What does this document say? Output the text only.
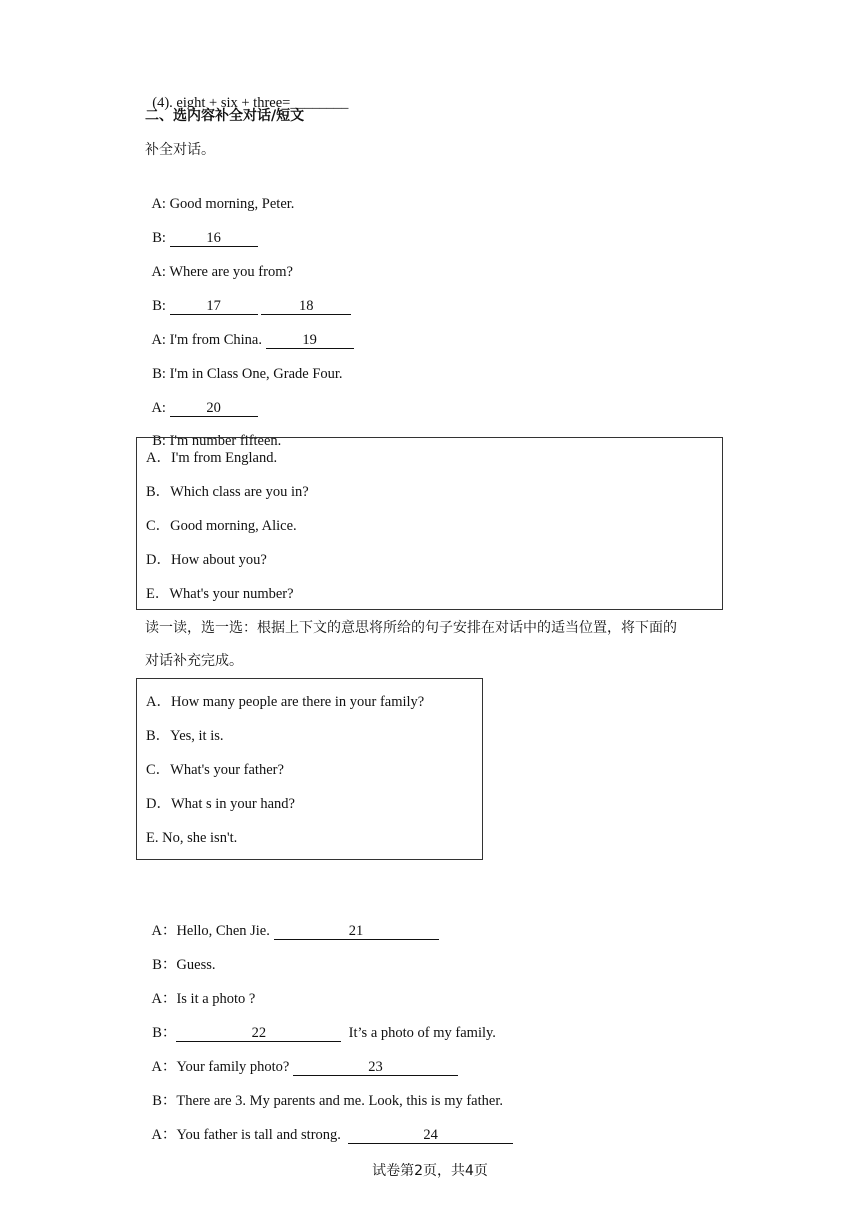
(4). eight + six + three=________

二、选内容补全对话/短文
补全对话。

A: Good morning, Peter.

B:	16

A: Where are you from?

B:	17	18

A: I'm from China.	19

B: I'm in Class One, Grade Four.

A:	20

B: I'm number fifteen.

A．I'm from England.
B．Which class are you in?
C．Good morning, Alice.
D．How about you?
E．What's your number?
读一读，选一选：根据上下文的意思将所给的句子安排在对话中的适当位置，将下面的
对话补充完成。
A．How many people are there in your family?
B．Yes, it is.
C．What's your father?
D．What s in your hand?
E. No, she isn't.

A：Hello, Chen Jie.	21

B：Guess.

A：Is it a photo ?

B：	22	It’s a photo of my family.

A：Your family photo?	23

B：There are 3. My parents and me. Look, this is my father.

A：You father is tall and strong.	24

试卷第2页，共4页
